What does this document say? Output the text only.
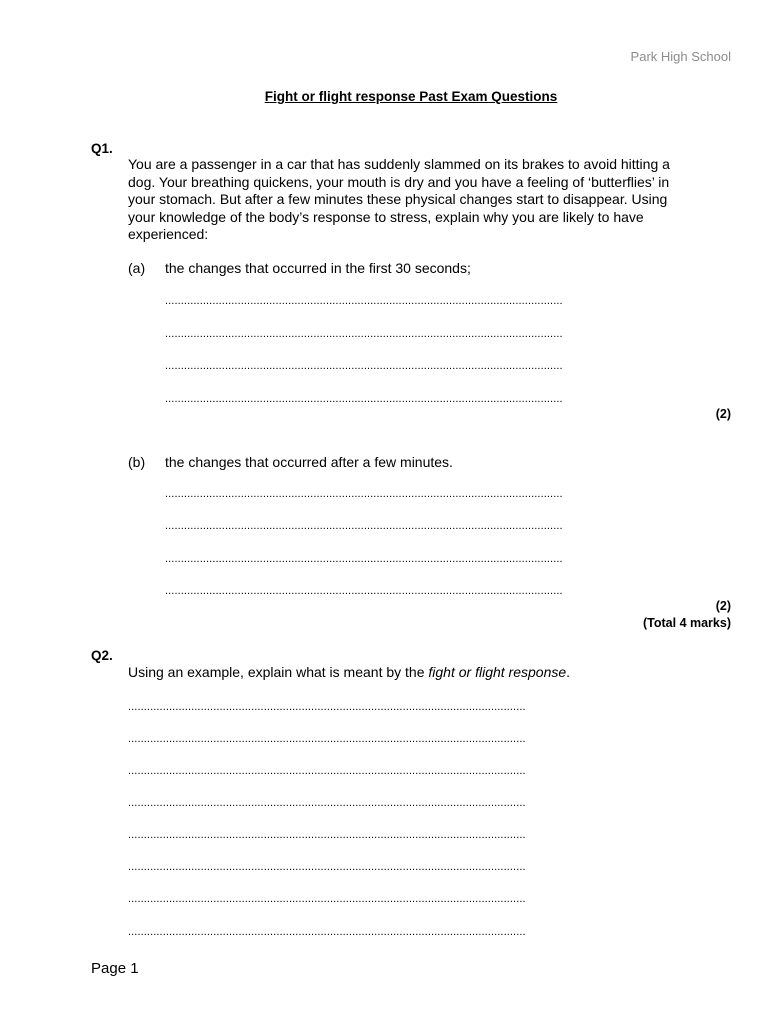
Park High School
Fight or flight response Past Exam Questions
Q1.
You are a passenger in a car that has suddenly slammed on its brakes to avoid hitting a dog. Your breathing quickens, your mouth is dry and you have a feeling of ‘butterflies’ in your stomach. But after a few minutes these physical changes start to disappear. Using your knowledge of the body’s response to stress, explain why you are likely to have experienced:
(a) the changes that occurred in the first 30 seconds;
..............................................................................................................................
..............................................................................................................................
..............................................................................................................................
..............................................................................................................................
(2)
(b) the changes that occurred after a few minutes.
..............................................................................................................................
..............................................................................................................................
..............................................................................................................................
..............................................................................................................................
(2)
(Total 4 marks)
Q2.
Using an example, explain what is meant by the fight or flight response.
..............................................................................................................................
..............................................................................................................................
..............................................................................................................................
..............................................................................................................................
..............................................................................................................................
..............................................................................................................................
..............................................................................................................................
..............................................................................................................................
Page 1
